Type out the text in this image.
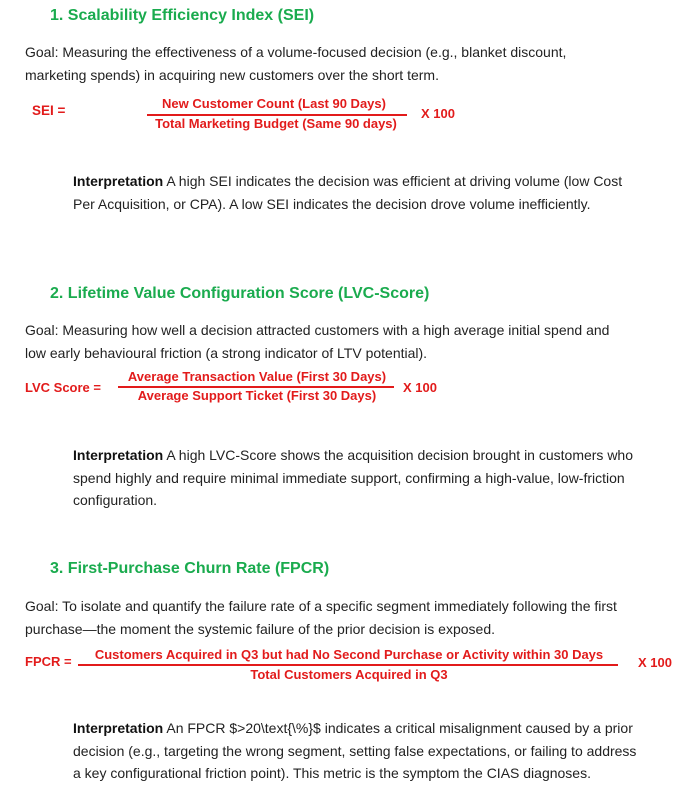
1. Scalability Efficiency Index (SEI)
Goal: Measuring the effectiveness of a volume-focused decision (e.g., blanket discount, marketing spends) in acquiring new customers over the short term.
SEI =	New Customer Count (Last 90 Days)
Total Marketing Budget (Same 90 days)
X 100
Interpretation A high SEI indicates the decision was efficient at driving volume (low Cost Per Acquisition, or CPA). A low SEI indicates the decision drove volume inefficiently.
2. Lifetime Value Configuration Score (LVC-Score)
Goal: Measuring how well a decision attracted customers with a high average initial spend and low early behavioural friction (a strong indicator of LTV potential).
LVC Score =
Average Transaction Value (First 30 Days)
Average Support Ticket (First 30 Days)
X 100
Interpretation A high LVC-Score shows the acquisition decision brought in customers who spend highly and require minimal immediate support, confirming a high-value, low-friction configuration.
3. First-Purchase Churn Rate (FPCR)
Goal: To isolate and quantify the failure rate of a specific segment immediately following the first purchase—the moment the systemic failure of the prior decision is exposed.
FPCR =	Customers Acquired in Q3 but had No Second Purchase or Activity within 30 Days
Total Customers Acquired in Q3
X 100
Interpretation An FPCR $>20\text{\%}$ indicates a critical misalignment caused by a prior decision (e.g., targeting the wrong segment, setting false expectations, or failing to address a key configurational friction point). This metric is the symptom the CIAS diagnoses.
